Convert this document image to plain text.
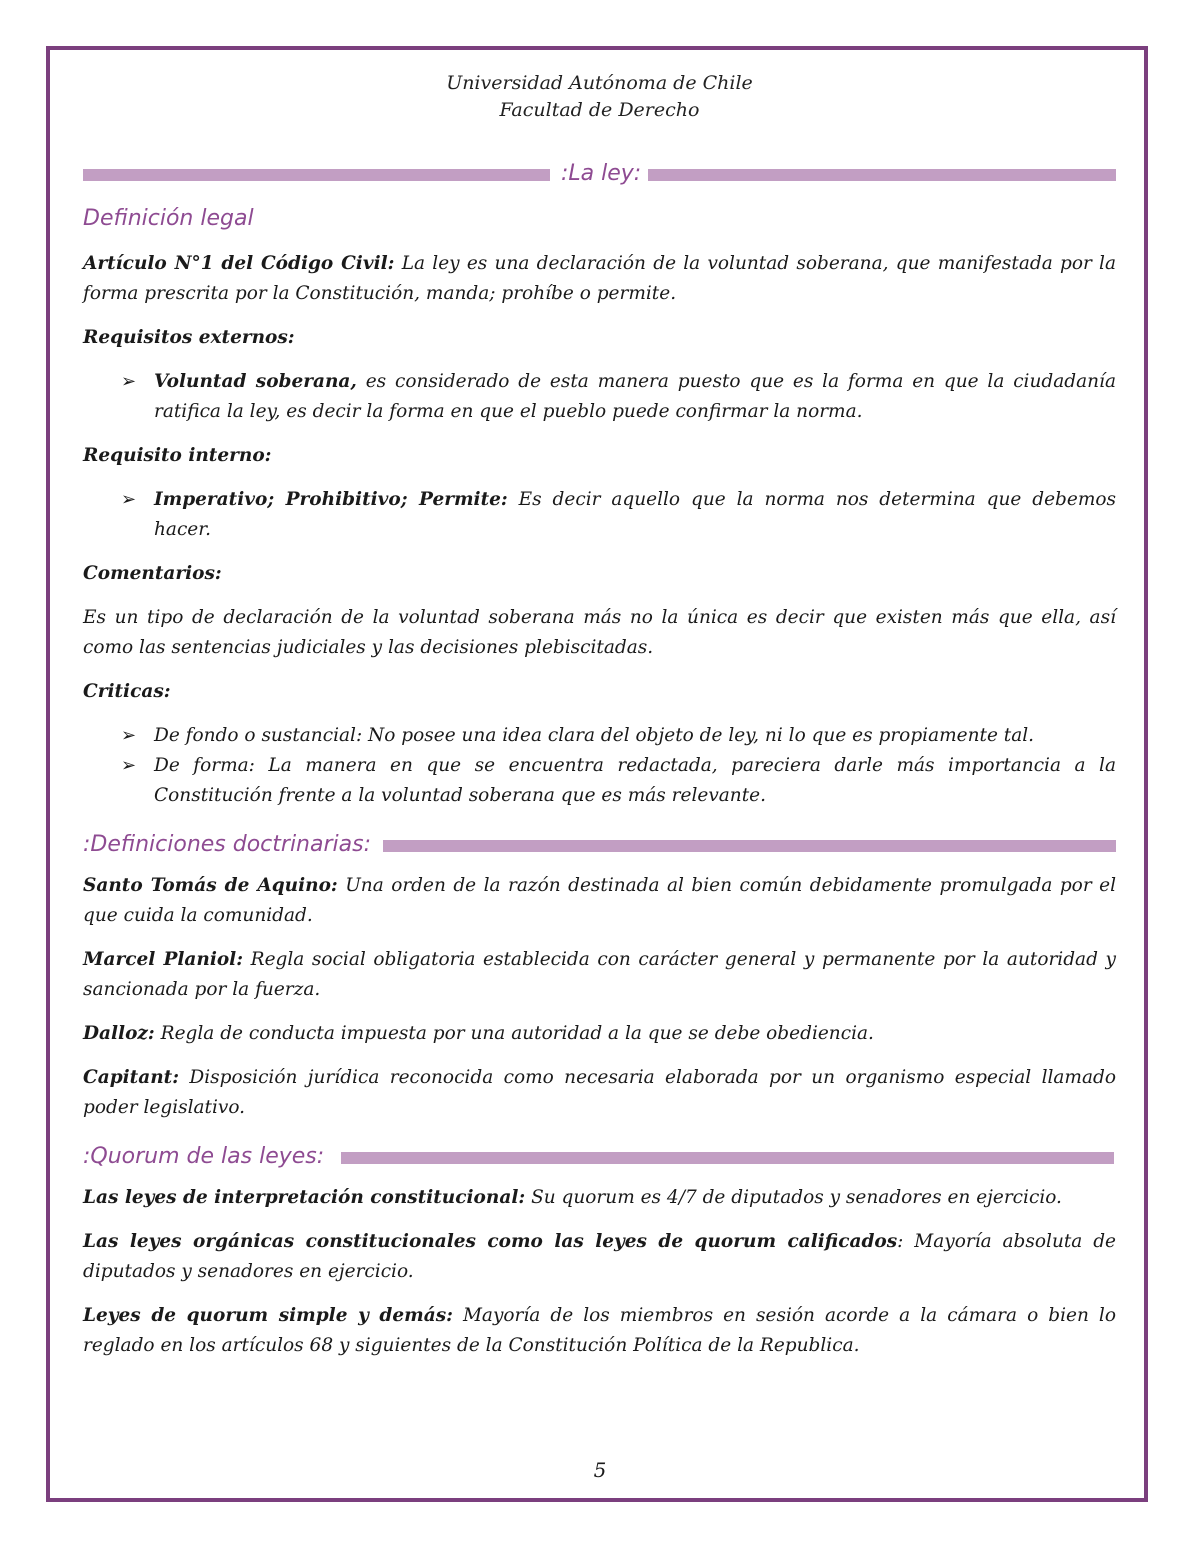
Universidad Autónoma de Chile
Facultad de Derecho
:La ley:
Definición legal

Artículo N°1 del Código Civil: La ley es una declaración de la voluntad soberana, que manifestada por la forma prescrita por la Constitución, manda; prohíbe o permite.

Requisitos externos:

➢ Voluntad soberana, es considerado de esta manera puesto que es la forma en que la ciudadanía ratifica la ley, es decir la forma en que el pueblo puede confirmar la norma.

Requisito interno:

➢ Imperativo; Prohibitivo; Permite: Es decir aquello que la norma nos determina que debemos hacer.

Comentarios:

Es un tipo de declaración de la voluntad soberana más no la única es decir que existen más que ella, así como las sentencias judiciales y las decisiones plebiscitadas.

Criticas:

➢ De fondo o sustancial: No posee una idea clara del objeto de ley, ni lo que es propiamente tal.
➢ De forma: La manera en que se encuentra redactada, pareciera darle más importancia a la Constitución frente a la voluntad soberana que es más relevante.
:Definiciones doctrinarias:

Santo Tomás de Aquino: Una orden de la razón destinada al bien común debidamente promulgada por el que cuida la comunidad.

Marcel Planiol: Regla social obligatoria establecida con carácter general y permanente por la autoridad y sancionada por la fuerza.

Dalloz: Regla de conducta impuesta por una autoridad a la que se debe obediencia.

Capitant: Disposición jurídica reconocida como necesaria elaborada por un organismo especial llamado poder legislativo.

:Quorum de las leyes:

Las leyes de interpretación constitucional: Su quorum es 4/7 de diputados y senadores en ejercicio.

Las leyes orgánicas constitucionales como las leyes de quorum calificados: Mayoría absoluta de diputados y senadores en ejercicio.

Leyes de quorum simple y demás: Mayoría de los miembros en sesión acorde a la cámara o bien lo reglado en los artículos 68 y siguientes de la Constitución Política de la Republica.

5
